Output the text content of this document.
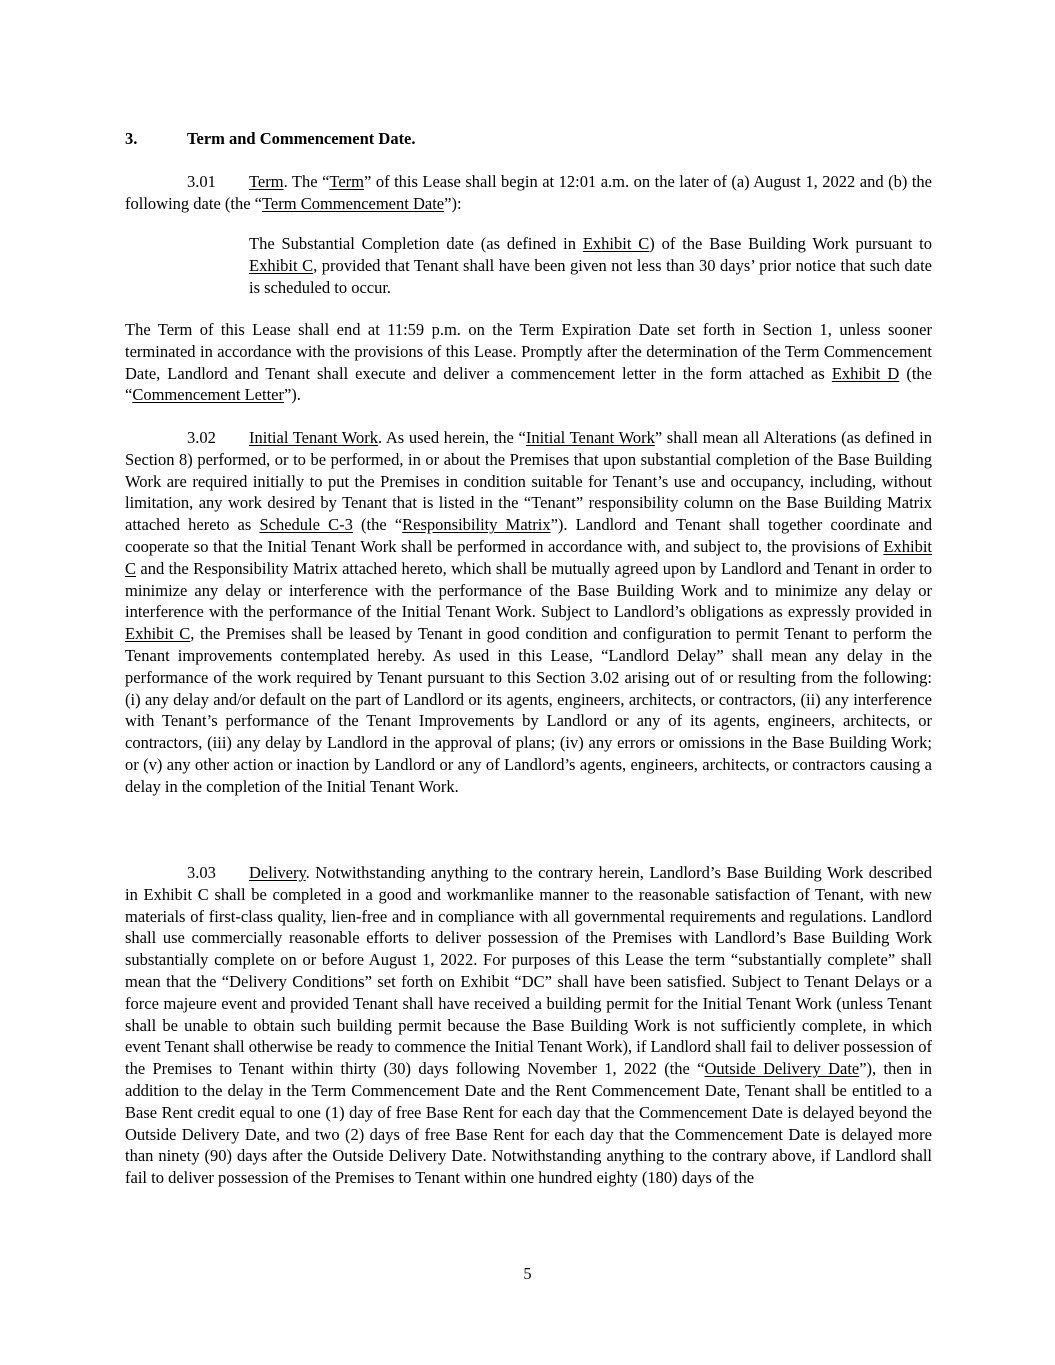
3.	Term and Commencement Date.

3.01 Term. The “Term” of this Lease shall begin at 12:01 a.m. on the later of (a) August 1, 2022 and (b) the following date (the “Term Commencement Date”):

The Substantial Completion date (as defined in Exhibit C) of the Base Building Work pursuant to Exhibit C, provided that Tenant shall have been given not less than 30 days’ prior notice that such date is scheduled to occur.

The Term of this Lease shall end at 11:59 p.m. on the Term Expiration Date set forth in Section 1, unless sooner terminated in accordance with the provisions of this Lease. Promptly after the determination of the Term Commencement Date, Landlord and Tenant shall execute and deliver a commencement letter in the form attached as Exhibit D (the “Commencement Letter”).

3.02 Initial Tenant Work. As used herein, the “Initial Tenant Work” shall mean all Alterations (as defined in Section 8) performed, or to be performed, in or about the Premises that upon substantial completion of the Base Building Work are required initially to put the Premises in condition suitable for Tenant’s use and occupancy, including, without limitation, any work desired by Tenant that is listed in the “Tenant” responsibility column on the Base Building Matrix attached hereto as Schedule C-3 (the “Responsibility Matrix”). Landlord and Tenant shall together coordinate and cooperate so that the Initial Tenant Work shall be performed in accordance with, and subject to, the provisions of Exhibit C and the Responsibility Matrix attached hereto, which shall be mutually agreed upon by Landlord and Tenant in order to minimize any delay or interference with the performance of the Base Building Work and to minimize any delay or interference with the performance of the Initial Tenant Work. Subject to Landlord’s obligations as expressly provided in Exhibit C, the Premises shall be leased by Tenant in good condition and configuration to permit Tenant to perform the Tenant improvements contemplated hereby. As used in this Lease, “Landlord Delay” shall mean any delay in the performance of the work required by Tenant pursuant to this Section 3.02 arising out of or resulting from the following: (i) any delay and/or default on the part of Landlord or its agents, engineers, architects, or contractors, (ii) any interference with Tenant’s performance of the Tenant Improvements by Landlord or any of its agents, engineers, architects, or contractors, (iii) any delay by Landlord in the approval of plans; (iv) any errors or omissions in the Base Building Work; or (v) any other action or inaction by Landlord or any of Landlord’s agents, engineers, architects, or contractors causing a delay in the completion of the Initial Tenant Work.

3.03 Delivery. Notwithstanding anything to the contrary herein, Landlord’s Base Building Work described in Exhibit C shall be completed in a good and workmanlike manner to the reasonable satisfaction of Tenant, with new materials of first-class quality, lien-free and in compliance with all governmental requirements and regulations. Landlord shall use commercially reasonable efforts to deliver possession of the Premises with Landlord’s Base Building Work substantially complete on or before August 1, 2022. For purposes of this Lease the term “substantially complete” shall mean that the “Delivery Conditions” set forth on Exhibit “DC” shall have been satisfied. Subject to Tenant Delays or a force majeure event and provided Tenant shall have received a building permit for the Initial Tenant Work (unless Tenant shall be unable to obtain such building permit because the Base Building Work is not sufficiently complete, in which event Tenant shall otherwise be ready to commence the Initial Tenant Work), if Landlord shall fail to deliver possession of the Premises to Tenant within thirty (30) days following November 1, 2022 (the “Outside Delivery Date”), then in addition to the delay in the Term Commencement Date and the Rent Commencement Date, Tenant shall be entitled to a Base Rent credit equal to one (1) day of free Base Rent for each day that the Commencement Date is delayed beyond the Outside Delivery Date, and two (2) days of free Base Rent for each day that the Commencement Date is delayed more than ninety (90) days after the Outside Delivery Date. Notwithstanding anything to the contrary above, if Landlord shall fail to deliver possession of the Premises to Tenant within one hundred eighty (180) days of the

5
